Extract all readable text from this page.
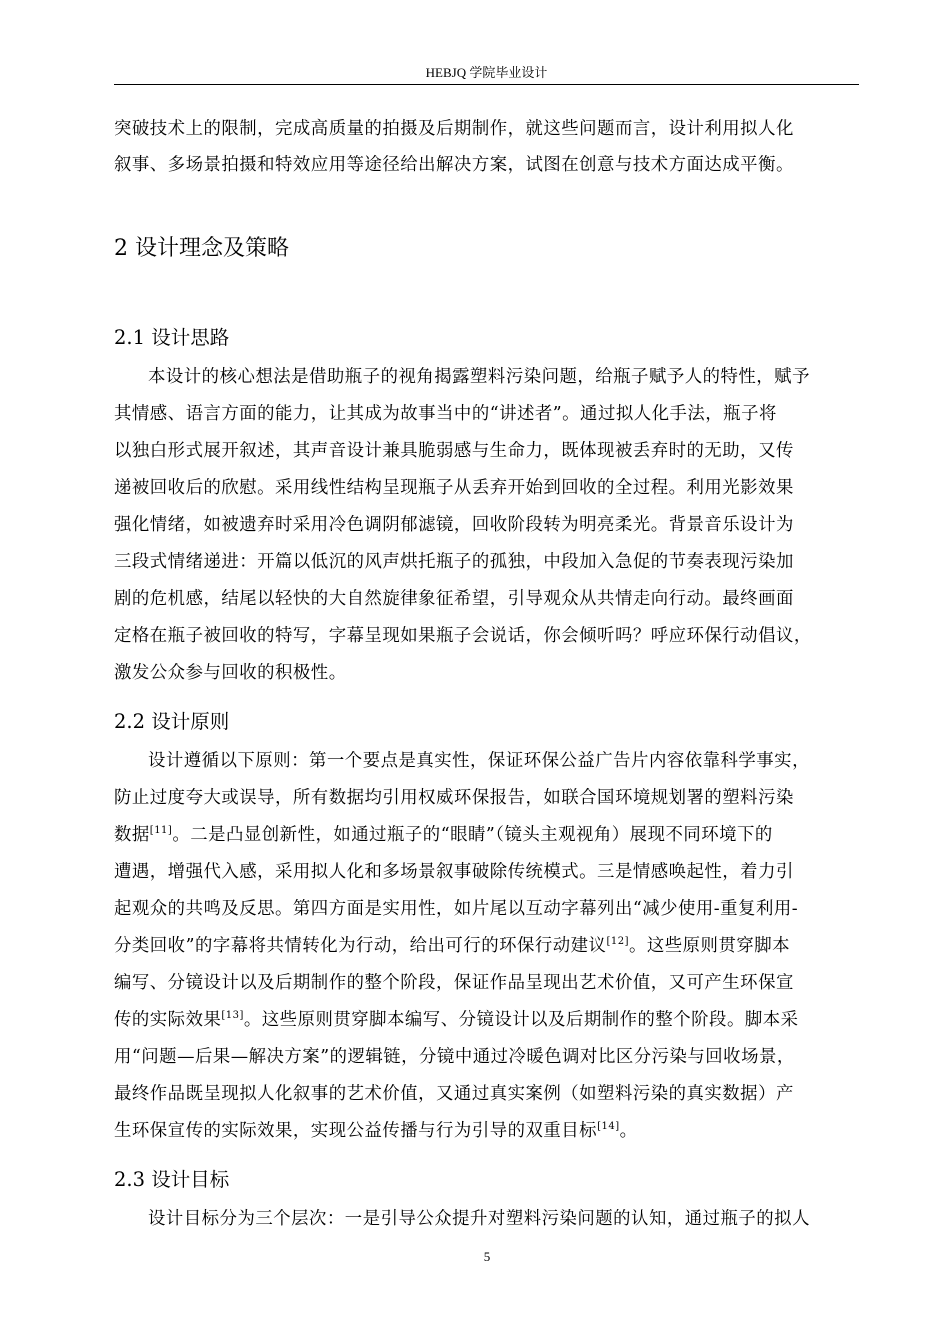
HEBJQ 学院毕业设计
突破技术上的限制，完成高质量的拍摄及后期制作，就这些问题而言，设计利用拟人化
叙事、多场景拍摄和特效应用等途径给出解决方案，试图在创意与技术方面达成平衡。
2 设计理念及策略
2.1 设计思路
本设计的核心想法是借助瓶子的视角揭露塑料污染问题，给瓶子赋予人的特性，赋予
其情感、语言方面的能力，让其成为故事当中的“讲述者”。通过拟人化手法，瓶子将
以独白形式展开叙述，其声音设计兼具脆弱感与生命力，既体现被丢弃时的无助，又传
递被回收后的欣慰。采用线性结构呈现瓶子从丢弃开始到回收的全过程。利用光影效果
强化情绪，如被遗弃时采用冷色调阴郁滤镜，回收阶段转为明亮柔光。背景音乐设计为
三段式情绪递进：开篇以低沉的风声烘托瓶子的孤独，中段加入急促的节奏表现污染加
剧的危机感，结尾以轻快的大自然旋律象征希望，引导观众从共情走向行动。最终画面
定格在瓶子被回收的特写，字幕呈现如果瓶子会说话，你会倾听吗？呼应环保行动倡议，
激发公众参与回收的积极性。
2.2 设计原则
设计遵循以下原则：第一个要点是真实性，保证环保公益广告片内容依靠科学事实，
防止过度夸大或误导，所有数据均引用权威环保报告，如联合国环境规划署的塑料污染
数据[11]。二是凸显创新性，如通过瓶子的“眼睛”（镜头主观视角）展现不同环境下的
遭遇，增强代入感，采用拟人化和多场景叙事破除传统模式。三是情感唤起性，着力引
起观众的共鸣及反思。第四方面是实用性，如片尾以互动字幕列出“减少使用-重复利用-
分类回收”的字幕将共情转化为行动，给出可行的环保行动建议[12]。这些原则贯穿脚本
编写、分镜设计以及后期制作的整个阶段，保证作品呈现出艺术价值，又可产生环保宣
传的实际效果[13]。这些原则贯穿脚本编写、分镜设计以及后期制作的整个阶段。脚本采
用“问题—后果—解决方案”的逻辑链，分镜中通过冷暖色调对比区分污染与回收场景，
最终作品既呈现拟人化叙事的艺术价值，又通过真实案例（如塑料污染的真实数据）产
生环保宣传的实际效果，实现公益传播与行为引导的双重目标[14]。
2.3 设计目标
设计目标分为三个层次：一是引导公众提升对塑料污染问题的认知，通过瓶子的拟人
5
